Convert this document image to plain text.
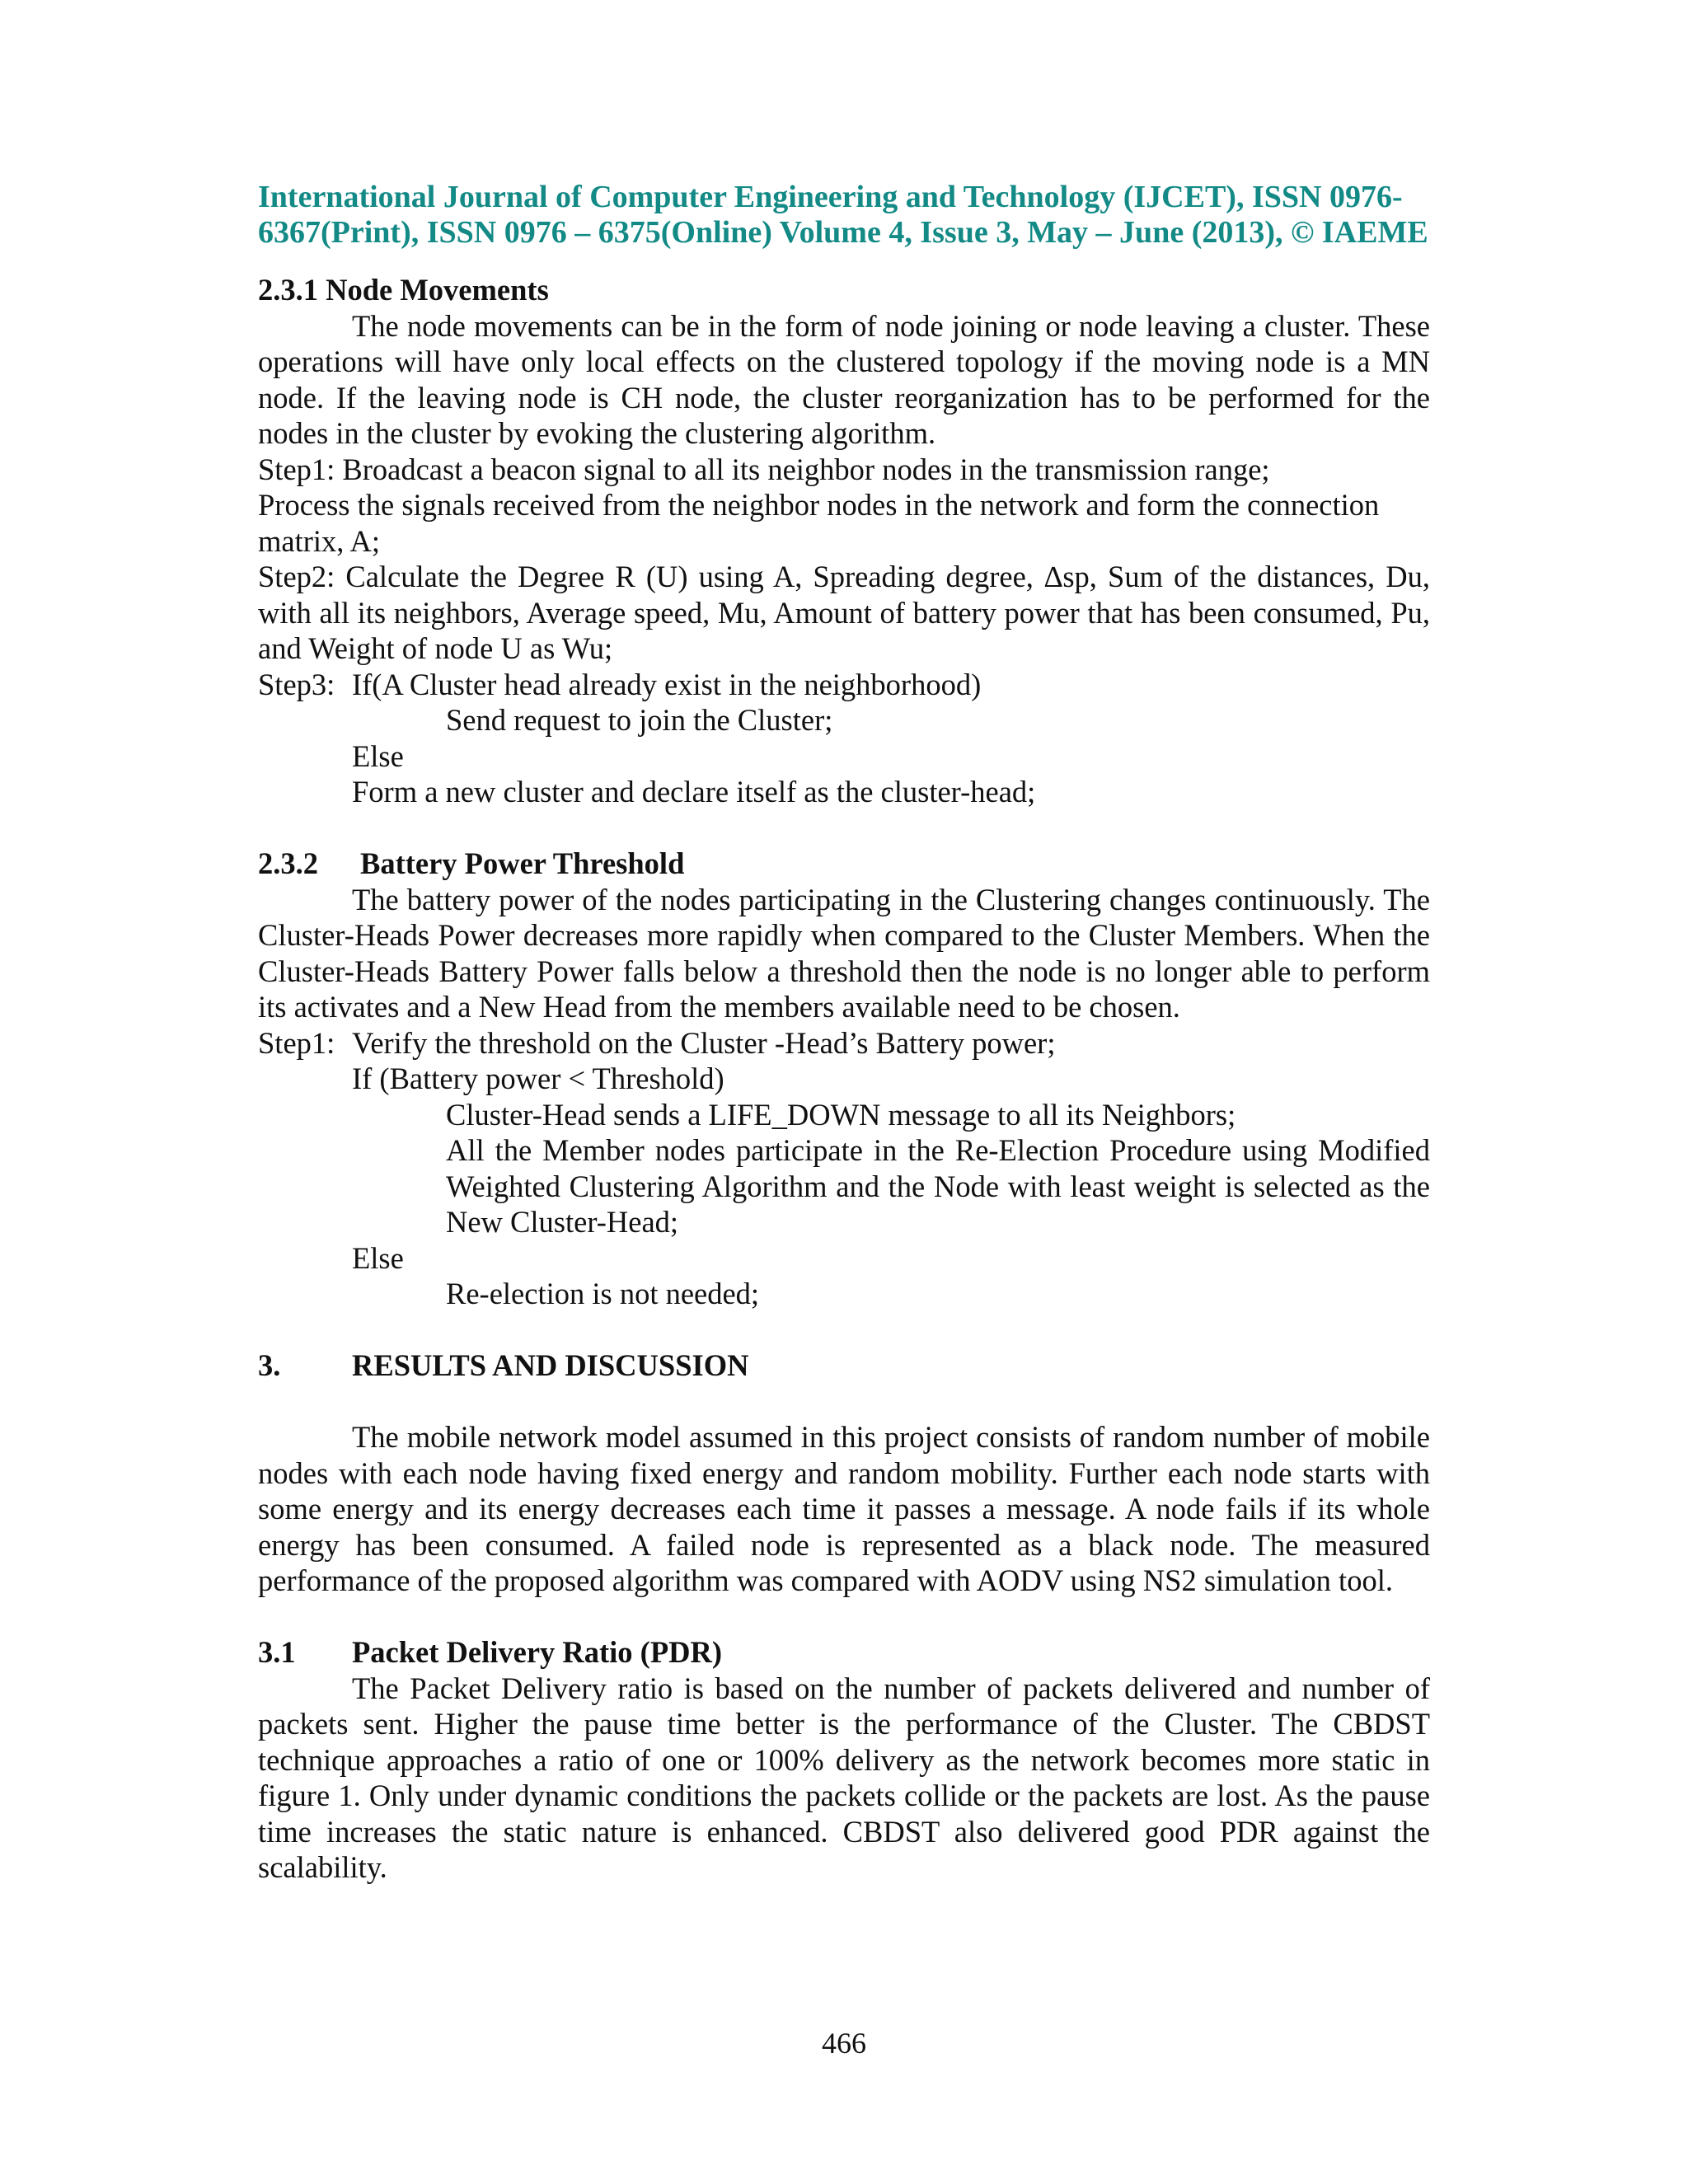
International Journal of Computer Engineering and Technology (IJCET), ISSN 0976-
6367(Print), ISSN 0976 – 6375(Online) Volume 4, Issue 3, May – June (2013), © IAEME
2.3.1 Node Movements

The node movements can be in the form of node joining or node leaving a cluster. These operations will have only local effects on the clustered topology if the moving node is a MN node. If the leaving node is CH node, the cluster reorganization has to be performed for the nodes in the cluster by evoking the clustering algorithm.

Step1: Broadcast a beacon signal to all its neighbor nodes in the transmission range;

Process the signals received from the neighbor nodes in the network and form the connection matrix, A;

Step2: Calculate the Degree R (U) using A, Spreading degree, ∆sp, Sum of the distances, Du, with all its neighbors, Average speed, Mu, Amount of battery power that has been consumed, Pu, and Weight of node U as Wu;

Step3: If(A Cluster head already exist in the neighborhood)

Send request to join the Cluster;

Else

Form a new cluster and declare itself as the cluster-head;

2.3.2	Battery Power Threshold

The battery power of the nodes participating in the Clustering changes continuously. The Cluster-Heads Power decreases more rapidly when compared to the Cluster Members. When the Cluster-Heads Battery Power falls below a threshold then the node is no longer able to perform its activates and a New Head from the members available need to be chosen.

Step1: Verify the threshold on the Cluster -Head’s Battery power;

If (Battery power < Threshold)

Cluster-Head sends a LIFE_DOWN message to all its Neighbors;

All the Member nodes participate in the Re-Election Procedure using Modified Weighted Clustering Algorithm and the Node with least weight is selected as the New Cluster-Head;

Else

Re-election is not needed;

3.	RESULTS AND DISCUSSION

The mobile network model assumed in this project consists of random number of mobile nodes with each node having fixed energy and random mobility. Further each node starts with some energy and its energy decreases each time it passes a message. A node fails if its whole energy has been consumed. A failed node is represented as a black node. The measured performance of the proposed algorithm was compared with AODV using NS2 simulation tool.

3.1	Packet Delivery Ratio (PDR)

The Packet Delivery ratio is based on the number of packets delivered and number of packets sent. Higher the pause time better is the performance of the Cluster. The CBDST technique approaches a ratio of one or 100% delivery as the network becomes more static in figure 1. Only under dynamic conditions the packets collide or the packets are lost. As the pause time increases the static nature is enhanced. CBDST also delivered good PDR against the scalability.

466
